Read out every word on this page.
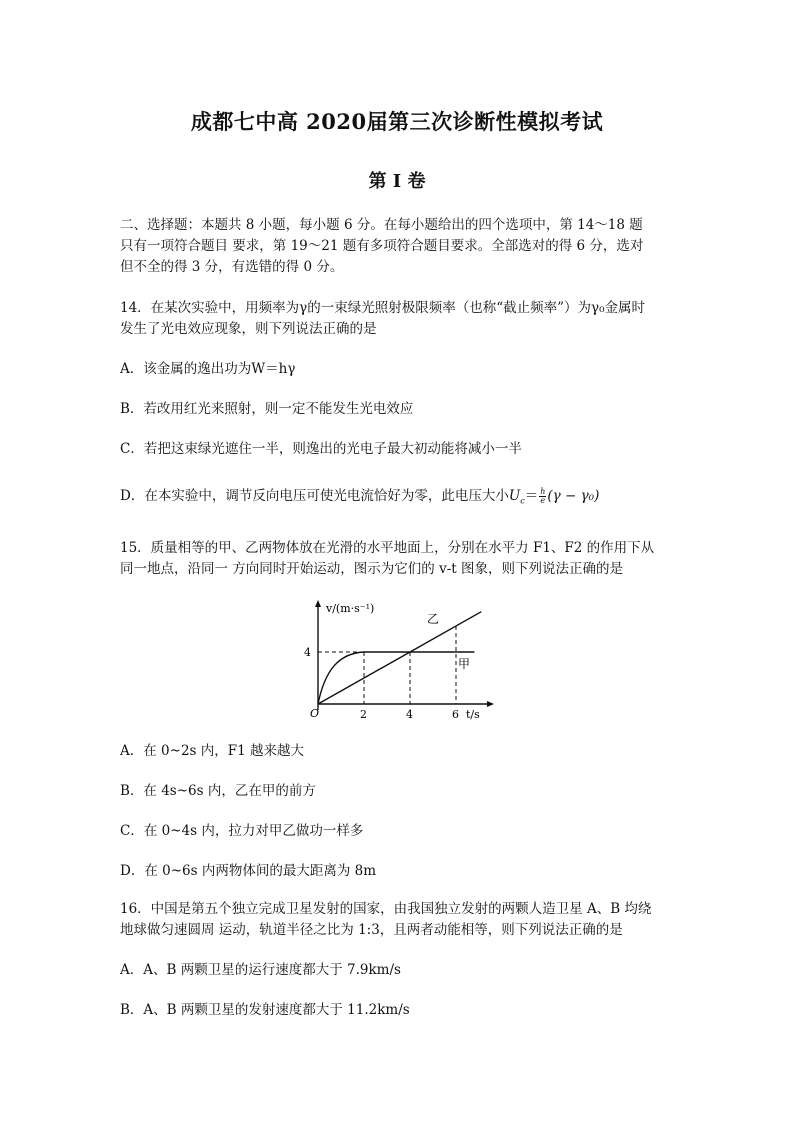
成都七中高 2020届第三次诊断性模拟考试
第 I 卷
二、选择题：本题共 8 小题，每小题 6 分。在每小题给出的四个选项中，第 14～18 题
只有一项符合题目 要求，第 19～21 题有多项符合题目要求。全部选对的得 6 分，选对
但不全的得 3 分，有选错的得 0 分。
14．在某次实验中，用频率为γ的一束绿光照射极限频率（也称“截止频率”）为γ₀金属时
发生了光电效应现象，则下列说法正确的是
A．该金属的逸出功为W＝hγ
B．若改用红光来照射，则一定不能发生光电效应
C．若把这束绿光遮住一半，则逸出的光电子最大初动能将减小一半
D．在本实验中，调节反向电压可使光电流恰好为零，此电压大小$U_c= \frac{h}{e} (\gamma - \gamma_0)$
15．质量相等的甲、乙两物体放在光滑的水平地面上，分别在水平力 F1、F2 的作用下从
同一地点，沿同一 方向同时开始运动，图示为它们的 v-t 图象，则下列说法正确的是
v/(m·s⁻¹)
t/s
O
4
2	4	6
乙
甲
A．在 0~2s 内，F1 越来越大
B．在 4s~6s 内，乙在甲的前方
C．在 0~4s 内，拉力对甲乙做功一样多
D．在 0~6s 内两物体间的最大距离为 8m
16．中国是第五个独立完成卫星发射的国家，由我国独立发射的两颗人造卫星 A、B 均绕
地球做匀速圆周 运动，轨道半径之比为 1:3，且两者动能相等，则下列说法正确的是
A．A、B 两颗卫星的运行速度都大于 7.9km/s
B．A、B 两颗卫星的发射速度都大于 11.2km/s
